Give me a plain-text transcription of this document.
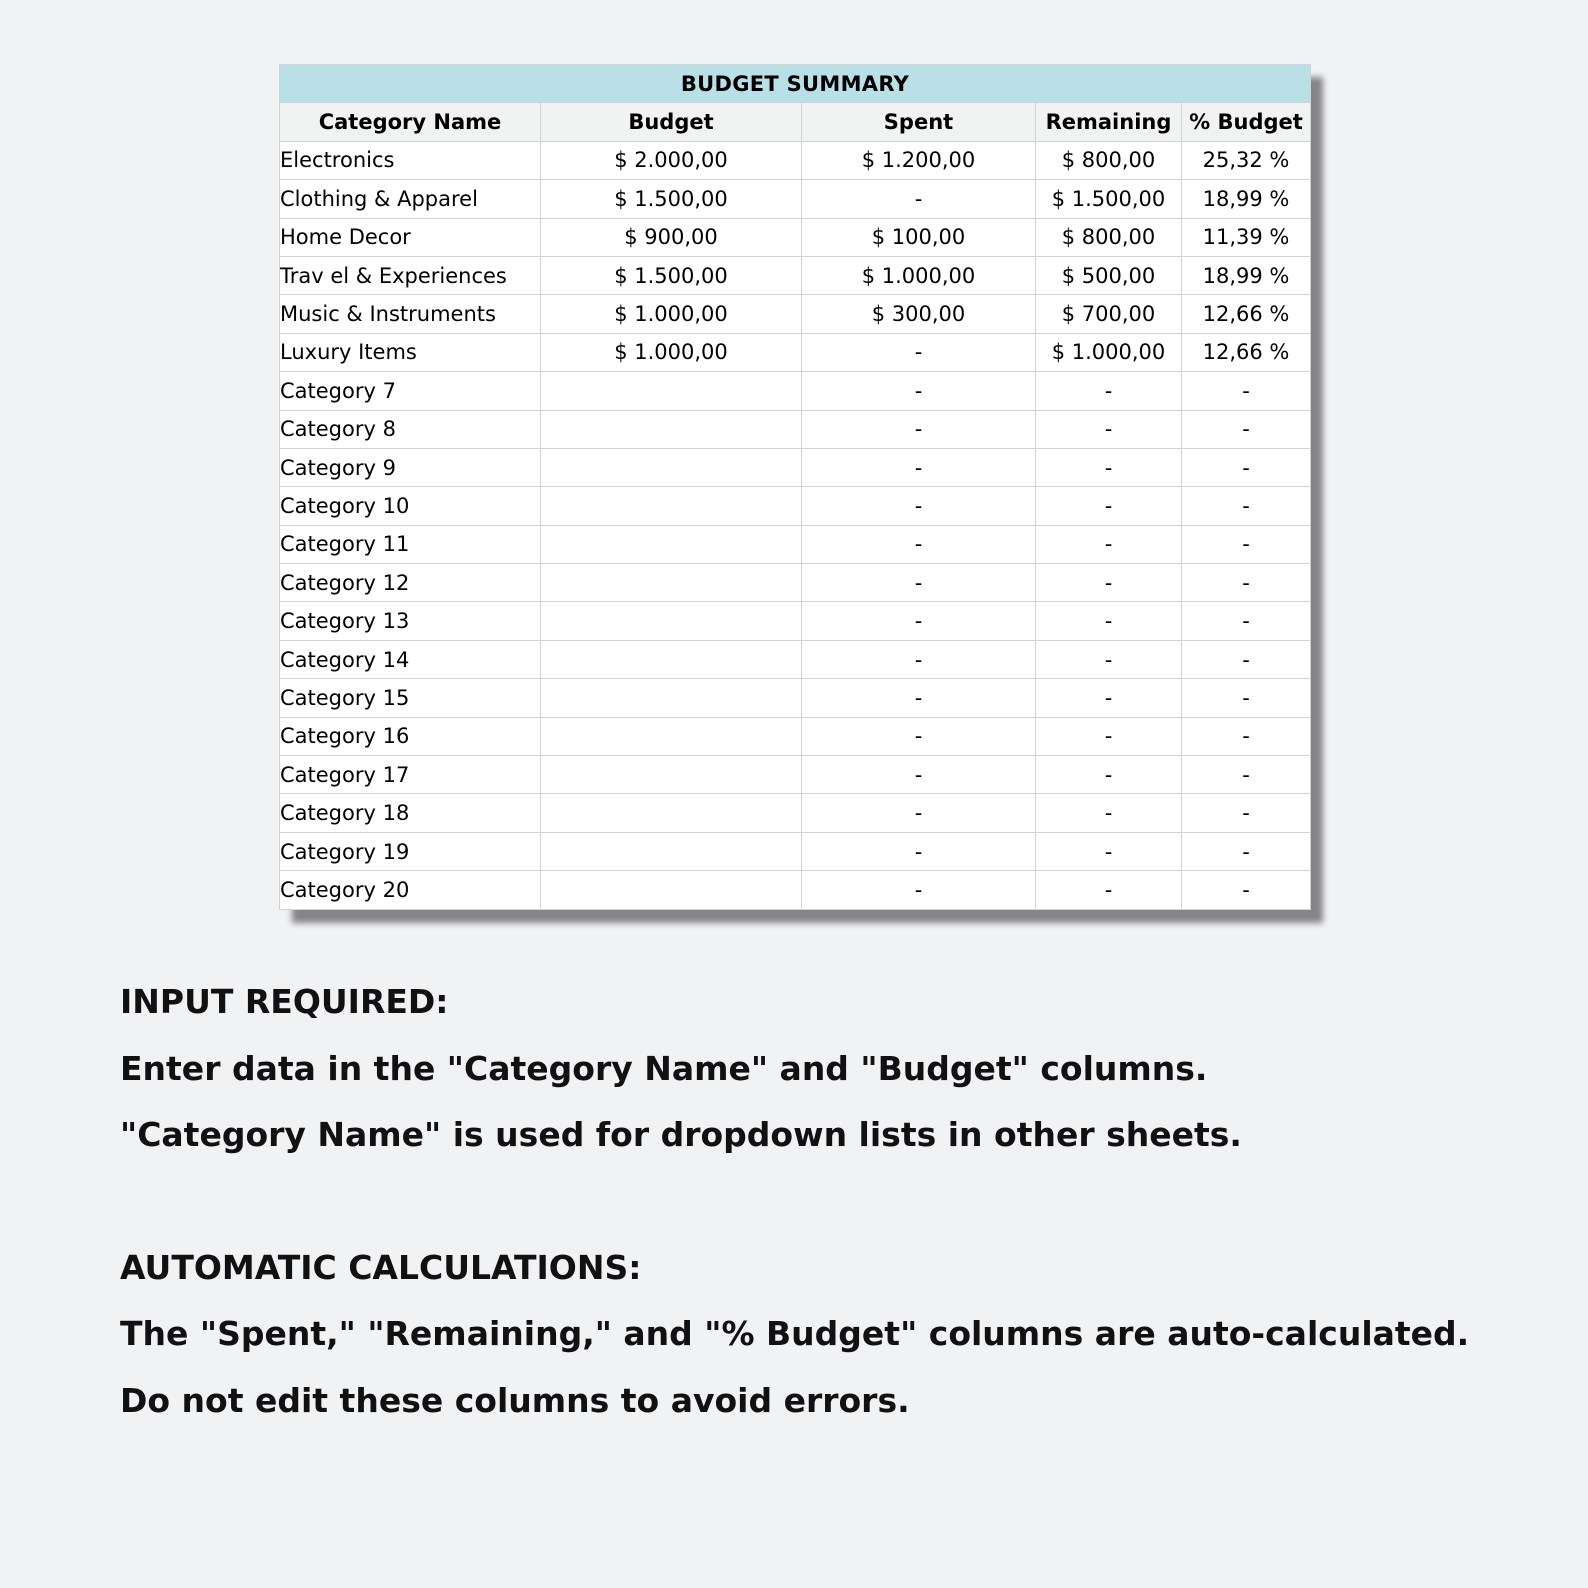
BUDGET SUMMARY				
Category Name	Budget	Spent	Remaining	% Budget
Electronics	$ 2.000,00	$ 1.200,00	$ 800,00	25,32 %
Clothing & Apparel	$ 1.500,00	-	$ 1.500,00	18,99 %
Home Decor	$ 900,00	$ 100,00	$ 800,00	11,39 %
Trav el & Experiences	$ 1.500,00	$ 1.000,00	$ 500,00	18,99 %
Music & Instruments	$ 1.000,00	$ 300,00	$ 700,00	12,66 %
Luxury Items	$ 1.000,00	-	$ 1.000,00	12,66 %
Category 7		-	-	-
Category 8		-	-	-
Category 9		-	-	-
Category 10		-	-	-
Category 11		-	-	-
Category 12		-	-	-
Category 13		-	-	-
Category 14		-	-	-
Category 15		-	-	-
Category 16		-	-	-
Category 17		-	-	-
Category 18		-	-	-
Category 19		-	-	-
Category 20		-	-	-
INPUT REQUIRED:
Enter data in the "Category Name" and "Budget" columns.
"Category Name" is used for dropdown lists in other sheets.
AUTOMATIC CALCULATIONS:
The "Spent," "Remaining," and "% Budget" columns are auto-calculated.
Do not edit these columns to avoid errors.
